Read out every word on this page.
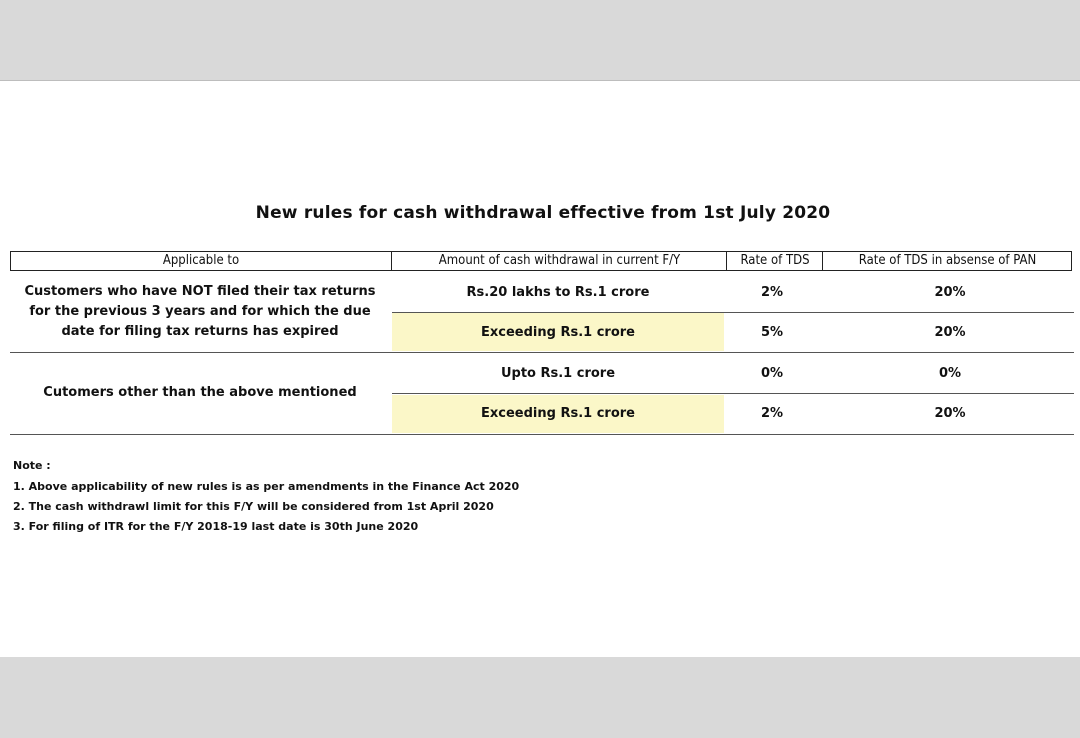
New rules for cash withdrawal effective from 1st July 2020
Applicable to	Amount of cash withdrawal in current F/Y	Rate of TDS	Rate of TDS in absense of PAN
Customers who have NOT filed their tax returns
for the previous 3 years and for which the due
date for filing tax returns has expired
Rs.20 lakhs to Rs.1 crore	2%	20%
Exceeding Rs.1 crore	5%	20%
Cutomers other than the above mentioned
Upto Rs.1 crore	0%	0%
Exceeding Rs.1 crore	2%	20%
Note :
1. Above applicability of new rules is as per amendments in the Finance Act 2020
2. The cash withdrawl limit for this F/Y will be considered from 1st April 2020
3. For filing of ITR for the F/Y 2018-19 last date is 30th June 2020
